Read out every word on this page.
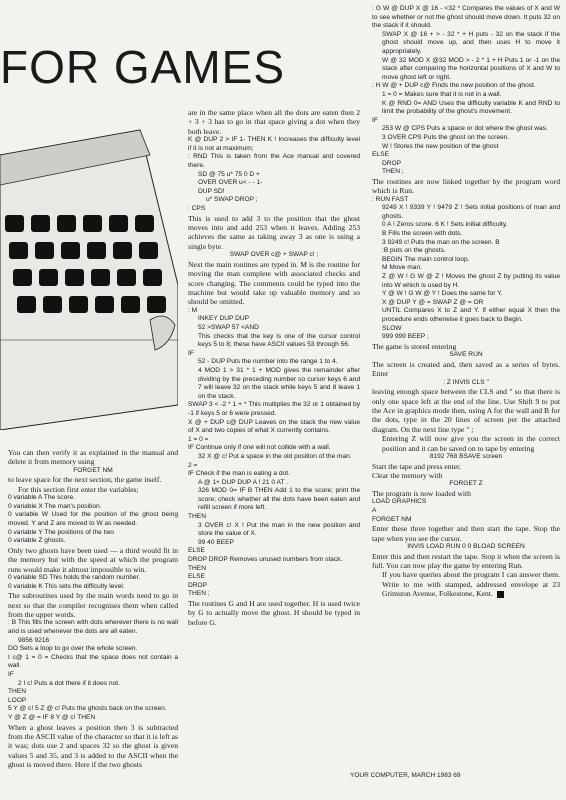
FOR GAMES

You can then verify it as explained in the manual and delete it from memory using

FORGET NM

to leave space for the next section, the game itself.

For this section first enter the variables;

0 variable A The score.

0 variable X The man's position.

0 variable W Used for the position of the ghost being moved. Y and Z are moved to W as needed.

0 variable Y The positions of the two

0 variable Z ghosts.

Only two ghosts have been used — a third would fit in the memory but with the speed at which the program runs would make it almost impossible to win.

0 variable SD This holds the random number.

0 variable K This sets the difficulty level.

The subroutines used by the main words need to go in next so that the compiler recognises them when called from the upper words.

: B This fills the screen with dots wherever there is no wall and is used whenever the dots are all eaten.

9856 9216

DO Sets a loop to go over the whole screen.

I c@ 1 = 0 = Checks that the space does not contain a wall.

IF

2 I c! Puts a dot there if it does not.

THEN

LOOP

5 Y @ c! 5 Z @ c! Puts the ghosts back on the screen.

Y @ Z @ = IF 8 Y @ c! THEN

When a ghost leaves a position then 3 is subtracted from the ASCII value of the character so that it is left as it was; dots use 2 and spaces 32 so the ghost is given values 5 and 35, and 3 is added to the ASCII when the ghost is moved there. Here if the two ghosts

are in the same place when all the dots are eaten then 2 + 3 + 3 has to go in that space giving a dot when they both leave.

K @ DUP 2 > IF 1- THEN K ! Increases the difficulty level if it is not at maximum;

: RND This is taken from the Ace manual and covered there.

SD @ 75 u* 75 0 D +

OVER OVER u< - - 1-

DUP SD!

u* SWAP DROP ;

: CPS

This is used to add 3 to the position that the ghost moves into and add 253 when it leaves. Adding 253 achieves the same as taking away 3 as one is using a single byte.

SWAP OVER c@ + SWAP c! ;

Next the main routines are typed in. M is the routine for moving the man complete with associated checks and score changing. The comments could be typed into the machine but would take up valuable memory and so should be omitted.

: M

INKEY DUP DUP

52 >SWAP 57 <AND

This checks that the key is one of the cursor control keys 5 to 8; these have ASCII values 53 through 56.

IF

52 - DUP Puts the number into the range 1 to 4.

4 MOD 1 > 31 * 1 + MOD gives the remainder after dividing by the preceding number so cursor keys 6 and 7 will leave 32 on the stack while keys 5 and 8 leave 1 on the stack.

SWAP 3 < -2 * 1 + * This multiplies the 32 or 1 obtained by -1 if keys 5 or 6 were pressed.

X @ + DUP c@ DUP Leaves on the stack the new value of X and two copies of what X currently contains.

1 = 0 =

IF Continue only if one will not collide with a wall.

32 X @ c! Put a space in the old position of the man.

2 =

IF Check if the man is eating a dot.

A @ 1+ DUP DUP A ! 21 0 AT .

326 MOD 0= IF B THEN Add 1 to the score; print the score; check whether all the dots have been eaten and refill screen if more left.

THEN

3 OVER c! X ! Put the man in the new position and store the value of X.

99 40 BEEP

ELSE

DROP DROP Removes unused numbers from stack.

THEN

ELSE

DROP

THEN ;

The routines G and H are used together. H is used twice by G to actually move the ghost. H should be typed in before G.

: G W @ DUP X @ 16 - <32 * Compares the values of X and W to see whether or not the ghost should move down. It puts 32 on the stack if it should.

SWAP X @ 16 + > - 32 * + H puts - 32 on the stack if the ghost should move up, and then uses H to move it appropriately.

W @ 32 MOD X @32 MOD > - 2 * 1 + H Puts 1 or -1 on the stack after comparing the horizontal positions of X and W to move ghost left or right.

: H W @ + DUP c@ Finds the new position of the ghost.

1 = 0 = Makes sure that it is not in a wall.

K @ RND 0= AND Uses the difficulty variable K and RND to limit the probability of the ghost's movement.

IF

253 W @ CPS Puts a space or dot where the ghost was.

3 OVER CPS Puts the ghost on the screen.

W ! Stores the new position of the ghost

ELSE

DROP

THEN ;

The routines are now linked together by the program word which is Run.

: RUN FAST

9249 X ! 9339 Y ! 9479 Z ! Sets initial positions of man and ghosts.

0 A ! Zeros score. 6 K ! Sets initial difficulty.

B Fills the screen with dots.

3 9249 c! Puts the man on the screen. B

:B puts on the ghosts.

BEGIN The main control loop.

M Move man.

Z @ W ! G W @ Z ! Moves the ghost Z by putting its value into W which is used by H.

Y @ W ! G W @ Y ! Does the same for Y.

X @ DUP Y @ = SWAP Z @ = OR

UNTIL Compares X to Z and Y. If either equal X then the procedure ends otherwise it goes back to Begin.

SLOW

999 999 BEEP ;

The game is stored entering

SAVE RUN

The screen is created and, then saved as a series of bytes. Enter

: Z INVIS CLS "

leaving enough space between the CLS and " so that there is only one space left at the end of the line. Use Shift 9 to put the Ace in graphics mode then, using A for the wall and B for the dots, type in the 20 lines of screen per the attached diagram. On the next line type " ;

Entering Z will now give you the screen in the correct position and it can be saved on to tape by entering

8192 768 BSAVE screen

Start the tape and press enter.

Clear the memory with

FORGET Z

The program is now loaded with

LOAD GRAPHICS

A

FORGET NM

Enter these three together and then start the tape. Stop the tape when you see the cursor.

INVIS LOAD RUN 0 0 BLOAD SCREEN

Enter this and then restart the tape. Stop it when the screen is full. You can now play the game by entering Run.

If you have queries about the program I can answer them. Write to me with stamped, addressed envelope at 23 Grimston Avenue, Folkestone, Kent.

YOUR COMPUTER, MARCH 1983 69
